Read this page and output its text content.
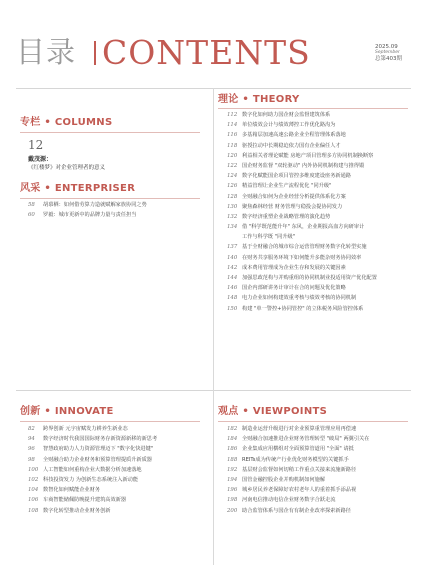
目录 CONTENTS	2025.09
September
总第403期
专栏 • COLUMNS
12
戴茂源：
《红楼梦》对企业管理者的意义
风采 • ENTERPRISER
58	胡慕栖：如何借劳算力造就赋解家族协同之势
60	罗毅：城市更新中的品牌力量与责任担当
理论 • THEORY
112 数字化如何助力国企财会监督建筑体系
114 单位绩效会计与绩效薄控工作优化路沟为
116 多基箱层加速高速公路企业全程管理体系落地
118 驱授拉动中长期稳迫依力国有企业偏任人才
120 利益相关者理论赋能 房地产项目管理多方协同机制换断察
122 国企财务监督 "双轮驱动" 内外协同机制构建与推得锻
124 数字化赋能国企项目管控多维度建设座务新通路
126 精益管理让企业生产流程优化 "同升级"
128 全财融合如何为企业经营分析提供体系化方案
130 聚焦森林经营 财务管理与稳投会提协同发力
132 数字经济重塑企业战略管理的演化趋势
134 借 "科学既范能升年" 东风，企业期报高血方向研审计
工作与科学既 "同升级"
137 基于全财融合的城市综合运营管理财务数字化转型实施
140 在财务共享服务环境下如何能升多能杂财务协同效率
142 成本费用管理成为企业生存和发展的关键因素
144 加强思政范构与并购重组的协同机制业投适用资产优化配置
146 国企内部研讲务计审计在合的问题及优化策略
148 电力企业如何构建效重考核与绩效考核的协同机制
150 构建 "单一警控+协同管控" 的立体税务风险管控体系
创新 • INNOVATE
82	跨界创新 元宇宙赋发力耕养生新业态
94	数字经济时代我国国际财务存新资源新移的新思考
96	智慧政府助力人力资源管理迈下 "数字化快进键"
98	全财融合助力企业财务和预算管理提质升新质器
100 人工智能如何重构企业大数据分析加速落地
102 科技投资发力 为创新生态系统注入新动能
104 数智化如何赋能企业财务
106 车商智能储佩防晚提升建筑高效新器
108 数字化转型推动企业财务创新
观点 • VIEWPOINTS
182 制造业运营升级进行对企业预算重管理应用再偿速
184 全财融合加速推进企业财务管理转型 "破局" 两翼引关在
186 企业集成应用横组对全面预算管道用 "全面" 请抵
188 REITs成为传统产行业优化财务模型的关键抓手
192 基层财会监督如何切稍工作重点关接来流施新路径
194 国管金融控股企业并购机制如何施解
196 城乡居民养老保障好农村老年人的重着抓手添品视
198 河南电信推动电信企业财务数字合跃走流
200 助合监管体系与国企有有制企业改率探索新路径
